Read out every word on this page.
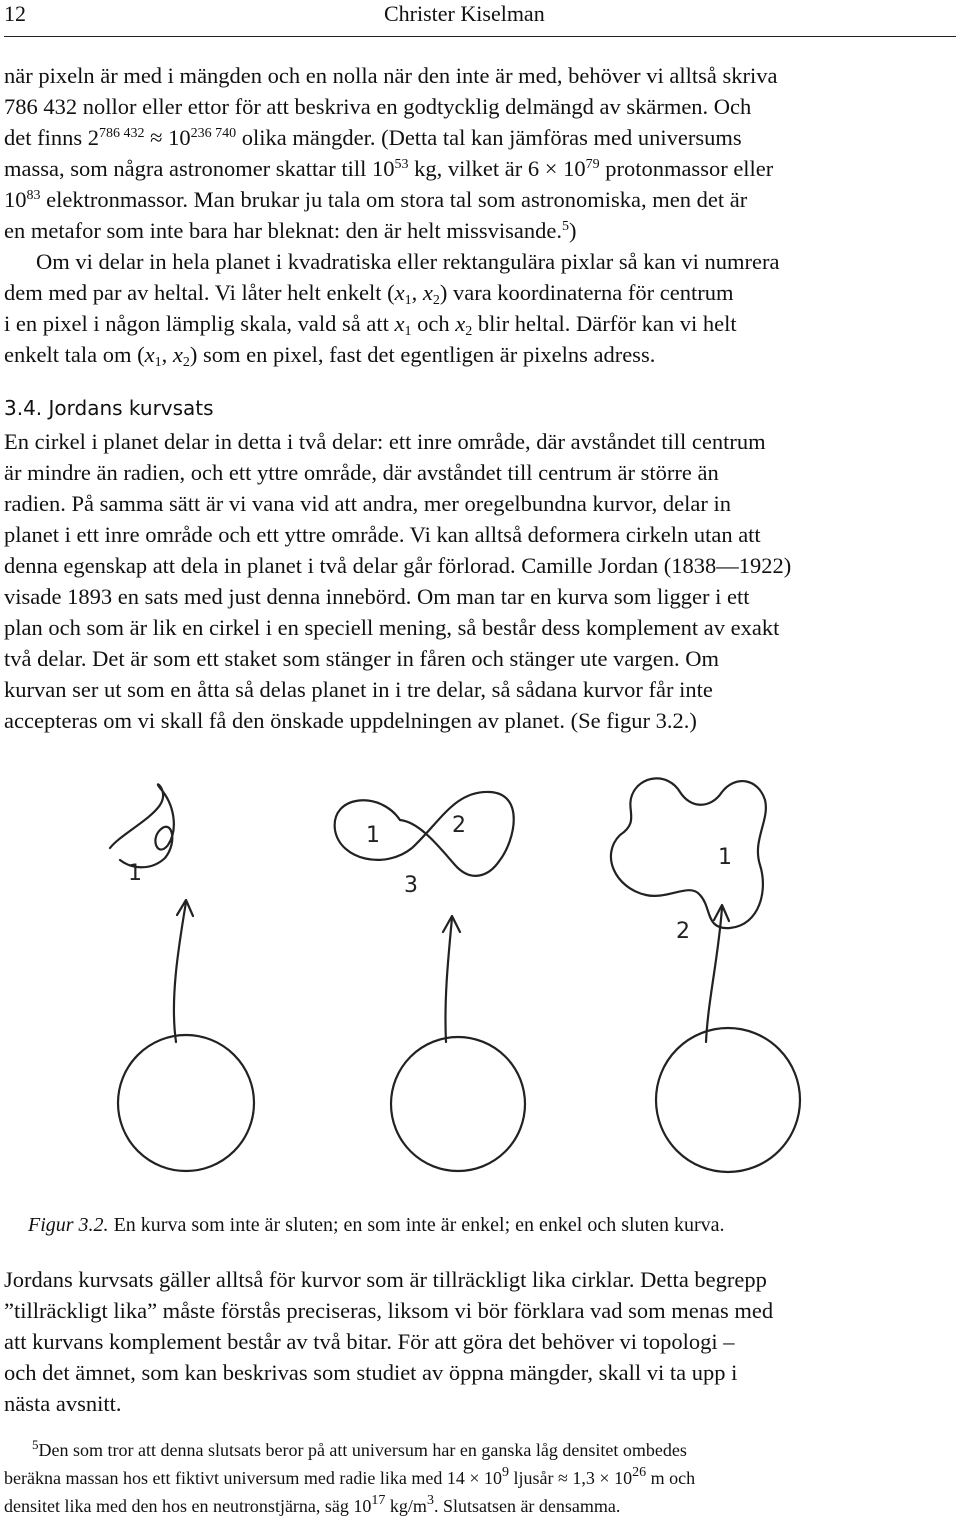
12	Christer Kiselman

när pixeln är med i mängden och en nolla när den inte är med, behöver vi alltså skriva

786 432 nollor eller ettor för att beskriva en godtycklig delmängd av skärmen. Och

det finns $2^{786 432} \approx 10^{236 740}$ olika mängder. (Detta tal kan jämföras med universums

massa, som några astronomer skattar till $10^{53}$ kg, vilket är $6 \times 10^{79}$ protonmassor eller

$10^{83}$ elektronmassor. Man brukar ju tala om stora tal som astronomiska, men det är

en metafor som inte bara har bleknat: den är helt missvisande.$^5$)

Om vi delar in hela planet i kvadratiska eller rektangulära pixlar så kan vi numrera

dem med par av heltal. Vi låter helt enkelt ($x_1$, $x_2$) vara koordinaterna för centrum

i en pixel i någon lämplig skala, vald så att $x_1$ och $x_2$ blir heltal. Därför kan vi helt

enkelt tala om ($x_1$, $x_2$) som en pixel, fast det egentligen är pixelns adress.

3.4. Jordans kurvsats

En cirkel i planet delar in detta i två delar: ett inre område, där avståndet till centrum

är mindre än radien, och ett yttre område, där avståndet till centrum är större än

radien. På samma sätt är vi vana vid att andra, mer oregelbundna kurvor, delar in

planet i ett inre område och ett yttre område. Vi kan alltså deformera cirkeln utan att

denna egenskap att dela in planet i två delar går förlorad. Camille Jordan (1838—1922)

visade 1893 en sats med just denna innebörd. Om man tar en kurva som ligger i ett

plan och som är lik en cirkel i en speciell mening, så består dess komplement av exakt

två delar. Det är som ett staket som stänger in fåren och stänger ute vargen. Om

kurvan ser ut som en åtta så delas planet in i tre delar, så sådana kurvor får inte

accepteras om vi skall få den önskade uppdelningen av planet. (Se figur 3.2.)

1
1	2
3
1
2
Figur 3.2. En kurva som inte är sluten; en som inte är enkel; en enkel och sluten kurva.

Jordans kurvsats gäller alltså för kurvor som är tillräckligt lika cirklar. Detta begrepp

”tillräckligt lika” måste förstås preciseras, liksom vi bör förklara vad som menas med

att kurvans komplement består av två bitar. För att göra det behöver vi topologi –

och det ämnet, som kan beskrivas som studiet av öppna mängder, skall vi ta upp i

nästa avsnitt.

$^5$Den som tror att denna slutsats beror på att universum har en ganska låg densitet ombedes
beräkna massan hos ett fiktivt universum med radie lika med $14 \times 10^9$ ljusår ≈ $1,3 \times 10^{26}$ m och
densitet lika med den hos en neutronstjärna, säg $10^{17}$ $kg/m^3$. Slutsatsen är densamma.
